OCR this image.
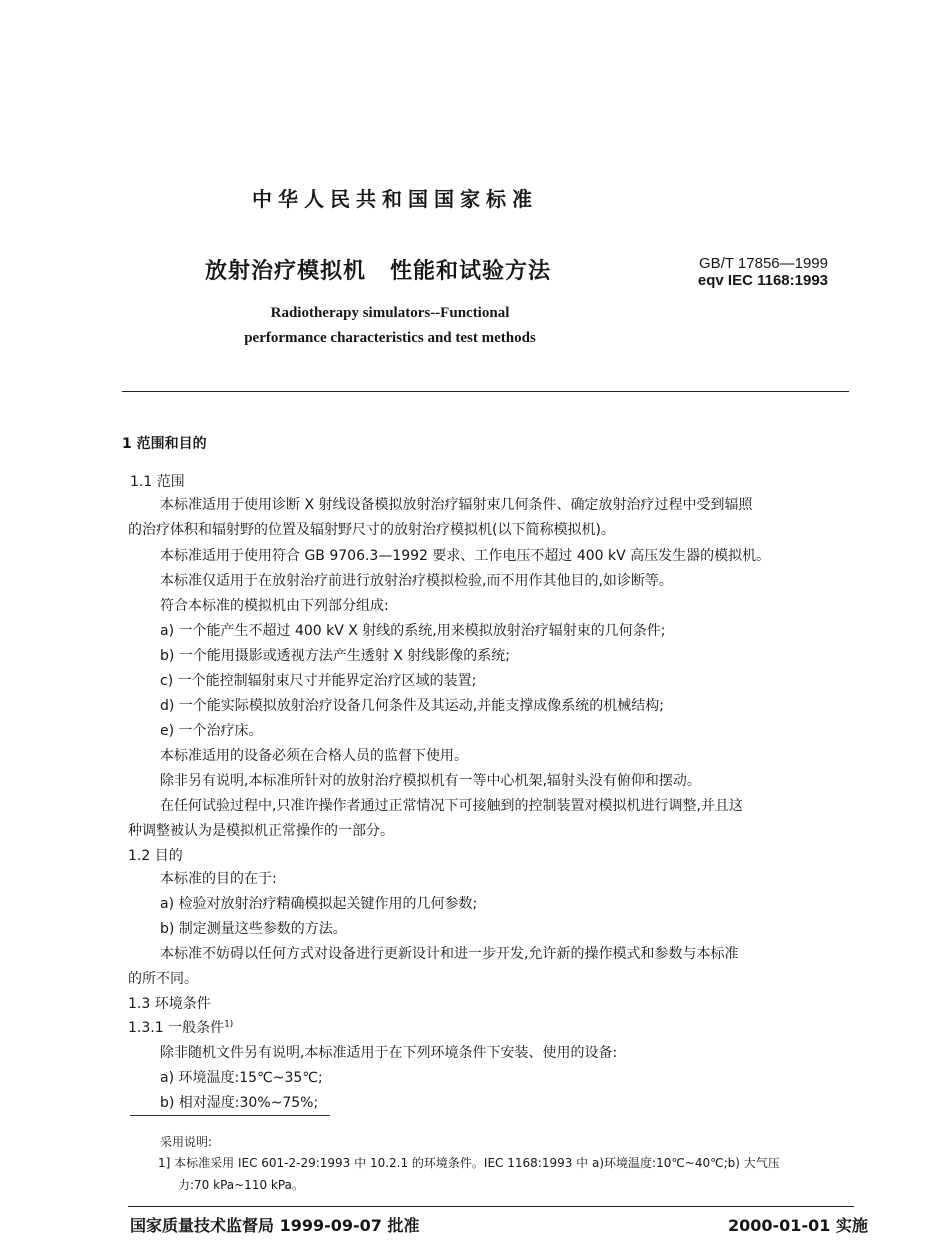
中华人民共和国国家标准
放射治疗模拟机 性能和试验方法	GB/T 17856—1999
eqv IEC 1168:1993
Radiotherapy simulators--Functional
performance characteristics and test methods
1 范围和目的
1.1 范围
本标准适用于使用诊断 X 射线设备模拟放射治疗辐射束几何条件、确定放射治疗过程中受到辐照
的治疗体积和辐射野的位置及辐射野尺寸的放射治疗模拟机(以下简称模拟机)。
本标准适用于使用符合 GB 9706.3—1992 要求、工作电压不超过 400 kV 高压发生器的模拟机。
本标准仅适用于在放射治疗前进行放射治疗模拟检验,而不用作其他目的,如诊断等。
符合本标准的模拟机由下列部分组成:
a) 一个能产生不超过 400 kV X 射线的系统,用来模拟放射治疗辐射束的几何条件;
b) 一个能用摄影或透视方法产生透射 X 射线影像的系统;
c) 一个能控制辐射束尺寸并能界定治疗区域的装置;
d) 一个能实际模拟放射治疗设备几何条件及其运动,并能支撑成像系统的机械结构;
e) 一个治疗床。
本标准适用的设备必须在合格人员的监督下使用。
除非另有说明,本标准所针对的放射治疗模拟机有一等中心机架,辐射头没有俯仰和摆动。
在任何试验过程中,只准许操作者通过正常情况下可接触到的控制装置对模拟机进行调整,并且这
种调整被认为是模拟机正常操作的一部分。
1.2 目的
本标准的目的在于:
a) 检验对放射治疗精确模拟起关键作用的几何参数;
b) 制定测量这些参数的方法。
本标准不妨碍以任何方式对设备进行更新设计和进一步开发,允许新的操作模式和参数与本标准
的所不同。
1.3 环境条件
1.3.1 一般条件$^{1)}$
除非随机文件另有说明,本标准适用于在下列环境条件下安装、使用的设备:
a) 环境温度:15℃~35℃;
b) 相对湿度:30%~75%;
采用说明:
1] 本标准采用 IEC 601-2-29:1993 中 10.2.1 的环境条件。IEC 1168:1993 中 a)环境温度:10℃~40℃;b) 大气压
力:70 kPa~110 kPa。
国家质量技术监督局 1999-09-07 批准	2000-01-01 实施
